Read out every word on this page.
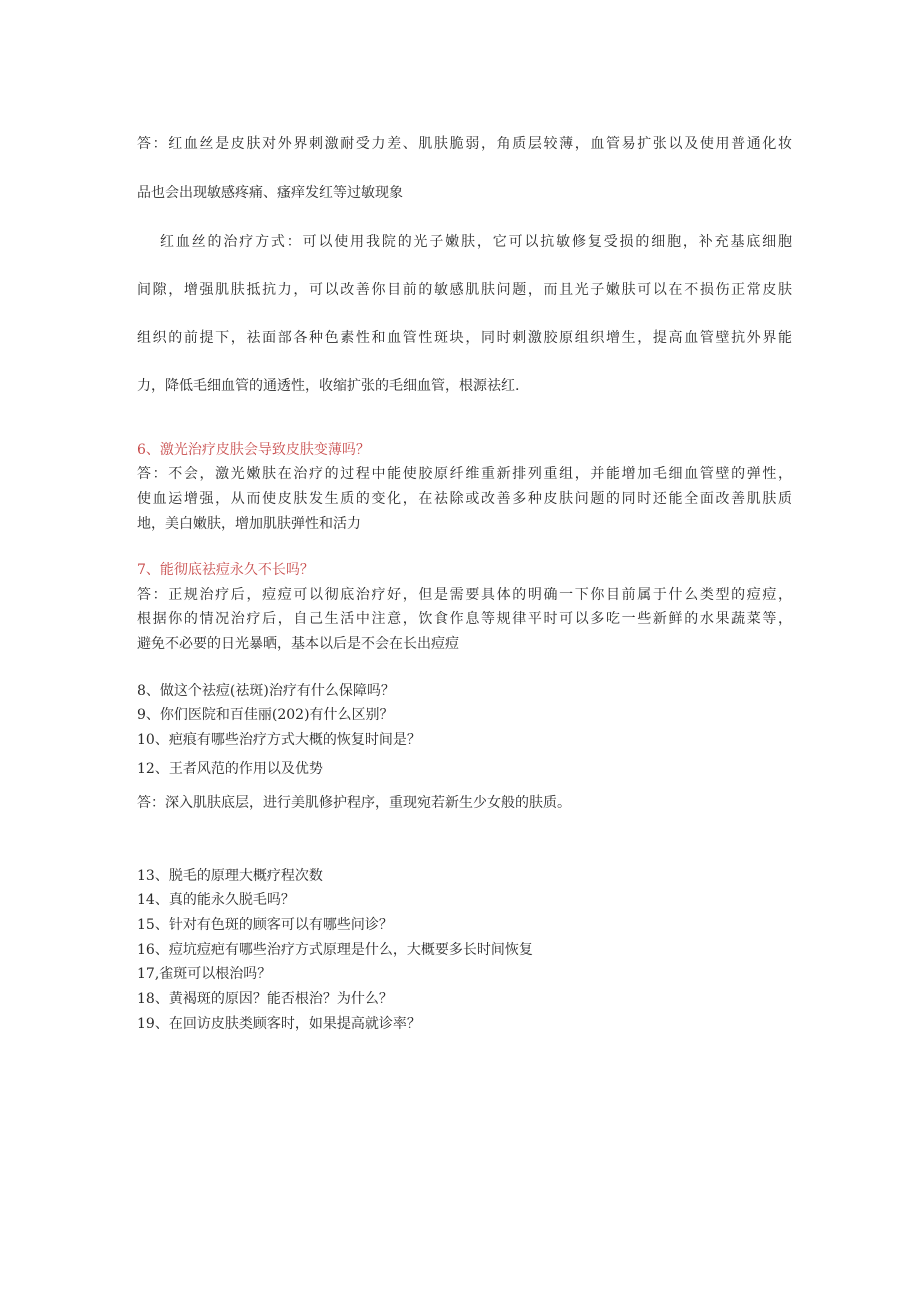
答：红血丝是皮肤对外界刺激耐受力差、肌肤脆弱，角质层较薄，血管易扩张以及使用普通化妆
品也会出现敏感疼痛、瘙痒发红等过敏现象
红血丝的治疗方式：可以使用我院的光子嫩肤，它可以抗敏修复受损的细胞，补充基底细胞
间隙，增强肌肤抵抗力，可以改善你目前的敏感肌肤问题，而且光子嫩肤可以在不损伤正常皮肤
组织的前提下，祛面部各种色素性和血管性斑块，同时刺激胶原组织增生，提高血管壁抗外界能
力，降低毛细血管的通透性，收缩扩张的毛细血管，根源祛红.
6、激光治疗皮肤会导致皮肤变薄吗？
答：不会，激光嫩肤在治疗的过程中能使胶原纤维重新排列重组，并能增加毛细血管壁的弹性，
使血运增强，从而使皮肤发生质的变化，在祛除或改善多种皮肤问题的同时还能全面改善肌肤质
地，美白嫩肤，增加肌肤弹性和活力
7、能彻底祛痘永久不长吗？
答：正规治疗后，痘痘可以彻底治疗好，但是需要具体的明确一下你目前属于什么类型的痘痘，
根据你的情况治疗后，自己生活中注意，饮食作息等规律平时可以多吃一些新鲜的水果蔬菜等，
避免不必要的日光暴晒，基本以后是不会在长出痘痘
8、做这个祛痘(祛斑)治疗有什么保障吗？
9、你们医院和百佳丽(202)有什么区别？
10、疤痕有哪些治疗方式大概的恢复时间是？
12、王者风范的作用以及优势
答：深入肌肤底层，进行美肌修护程序，重现宛若新生少女般的肤质。
13、脱毛的原理大概疗程次数
14、真的能永久脱毛吗？
15、针对有色斑的顾客可以有哪些问诊？
16、痘坑痘疤有哪些治疗方式原理是什么，大概要多长时间恢复
17,雀斑可以根治吗？
18、黄褐斑的原因？能否根治？为什么？
19、在回访皮肤类顾客时，如果提高就诊率？
